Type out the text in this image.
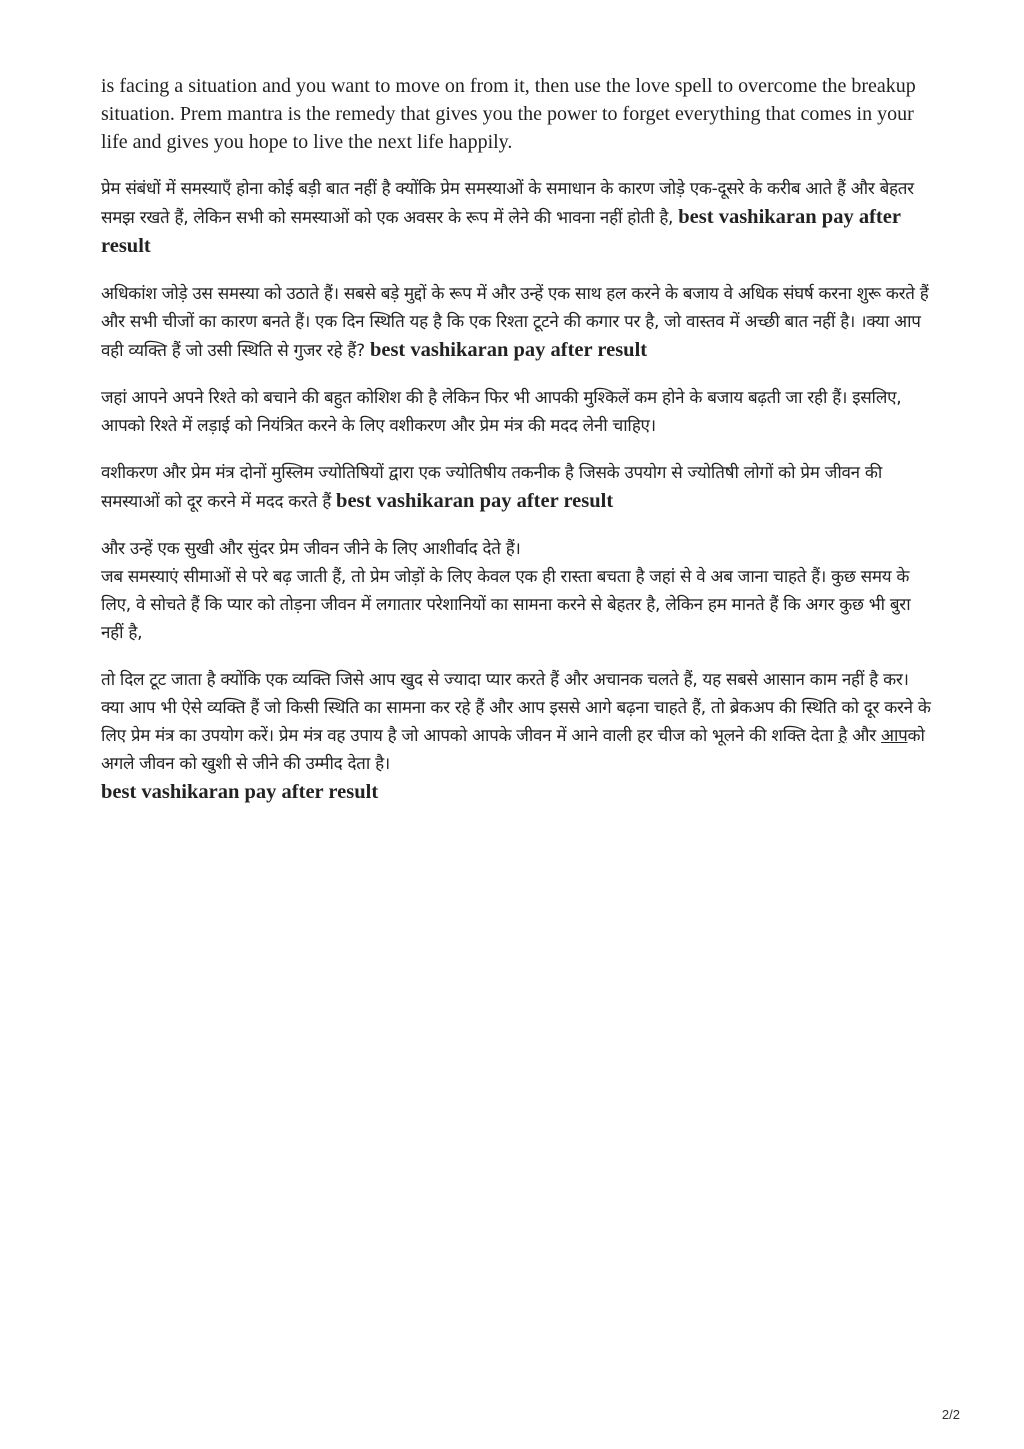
is facing a situation and you want to move on from it, then use the love spell to overcome the breakup situation. Prem mantra is the remedy that gives you the power to forget everything that comes in your life and gives you hope to live the next life happily.

प्रेम संबंधों में समस्याएँ होना कोई बड़ी बात नहीं है क्योंकि प्रेम समस्याओं के समाधान के कारण जोड़े एक-दूसरे के करीब आते हैं और बेहतर समझ रखते हैं, लेकिन सभी को समस्याओं को एक अवसर के रूप में लेने की भावना नहीं होती है, best vashikaran pay after result

अधिकांश जोड़े उस समस्या को उठाते हैं। सबसे बड़े मुद्दों के रूप में और उन्हें एक साथ हल करने के बजाय वे अधिक संघर्ष करना शुरू करते हैं और सभी चीजों का कारण बनते हैं। एक दिन स्थिति यह है कि एक रिश्ता टूटने की कगार पर है, जो वास्तव में अच्छी बात नहीं है। ।क्या आप वही व्यक्ति हैं जो उसी स्थिति से गुजर रहे हैं? best vashikaran pay after result

जहां आपने अपने रिश्ते को बचाने की बहुत कोशिश की है लेकिन फिर भी आपकी मुश्किलें कम होने के बजाय बढ़ती जा रही हैं। इसलिए, आपको रिश्ते में लड़ाई को नियंत्रित करने के लिए वशीकरण और प्रेम मंत्र की मदद लेनी चाहिए।

वशीकरण और प्रेम मंत्र दोनों मुस्लिम ज्योतिषियों द्वारा एक ज्योतिषीय तकनीक है जिसके उपयोग से ज्योतिषी लोगों को प्रेम जीवन की समस्याओं को दूर करने में मदद करते हैं best vashikaran pay after result

और उन्हें एक सुखी और सुंदर प्रेम जीवन जीने के लिए आशीर्वाद देते हैं।
जब समस्याएं सीमाओं से परे बढ़ जाती हैं, तो प्रेम जोड़ों के लिए केवल एक ही रास्ता बचता है जहां से वे अब जाना चाहते हैं। कुछ समय के लिए, वे सोचते हैं कि प्यार को तोड़ना जीवन में लगातार परेशानियों का सामना करने से बेहतर है, लेकिन हम मानते हैं कि अगर कुछ भी बुरा नहीं है,

तो दिल टूट जाता है क्योंकि एक व्यक्ति जिसे आप खुद से ज्यादा प्यार करते हैं और अचानक चलते हैं, यह सबसे आसान काम नहीं है कर। क्या आप भी ऐसे व्यक्ति हैं जो किसी स्थिति का सामना कर रहे हैं और आप इससे आगे बढ़ना चाहते हैं, तो ब्रेकअप की स्थिति को दूर करने के लिए प्रेम मंत्र का उपयोग करें। प्रेम मंत्र वह उपाय है जो आपको आपके जीवन में आने वाली हर चीज को भूलने की शक्ति देता है और आपको अगले जीवन को खुशी से जीने की उम्मीद देता है।
best vashikaran pay after result

2/2
